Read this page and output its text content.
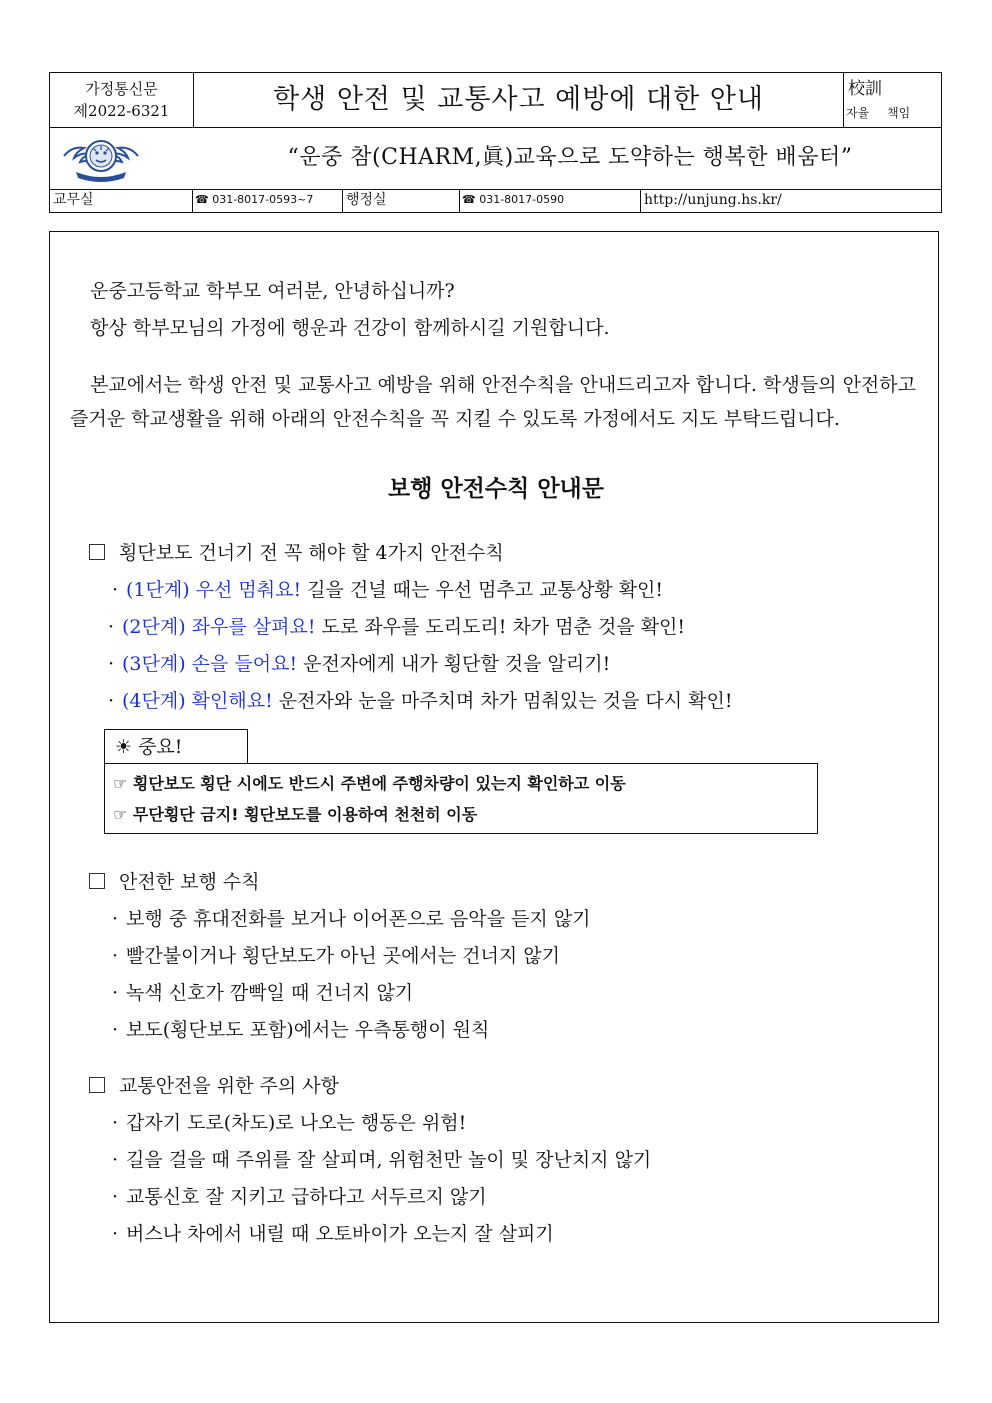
가정통신문
제2022-6321	학생 안전 및 교통사고 예방에 대한 안내	校訓
자율 책임
“운중 참(CHARM,眞)교육으로 도약하는 행복한 배움터”
교무실	☎ 031-8017-0593~7	행정실	☎ 031-8017-0590	http://unjung.hs.kr/
운중고등학교 학부모 여러분, 안녕하십니까?
항상 학부모님의 가정에 행운과 건강이 함께하시길 기원합니다.
본교에서는 학생 안전 및 교통사고 예방을 위해 안전수칙을 안내드리고자 합니다. 학생들의 안전하고 즐거운 학교생활을 위해 아래의 안전수칙을 꼭 지킬 수 있도록 가정에서도 지도 부탁드립니다.
보행 안전수칙 안내문
횡단보도 건너기 전 꼭 해야 할 4가지 안전수칙
· (1단계) 우선 멈춰요! 길을 건널 때는 우선 멈추고 교통상황 확인!
· (2단계) 좌우를 살펴요! 도로 좌우를 도리도리! 차가 멈춘 것을 확인!
· (3단계) 손을 들어요! 운전자에게 내가 횡단할 것을 알리기!
· (4단계) 확인해요! 운전자와 눈을 마주치며 차가 멈춰있는 것을 다시 확인!
☀ 중요!
☞ 횡단보도 횡단 시에도 반드시 주변에 주행차량이 있는지 확인하고 이동
☞ 무단횡단 금지! 횡단보도를 이용하여 천천히 이동
안전한 보행 수칙
· 보행 중 휴대전화를 보거나 이어폰으로 음악을 듣지 않기
· 빨간불이거나 횡단보도가 아닌 곳에서는 건너지 않기
· 녹색 신호가 깜빡일 때 건너지 않기
· 보도(횡단보도 포함)에서는 우측통행이 원칙
교통안전을 위한 주의 사항
· 갑자기 도로(차도)로 나오는 행동은 위험!
· 길을 걸을 때 주위를 잘 살피며, 위험천만 놀이 및 장난치지 않기
· 교통신호 잘 지키고 급하다고 서두르지 않기
· 버스나 차에서 내릴 때 오토바이가 오는지 잘 살피기
